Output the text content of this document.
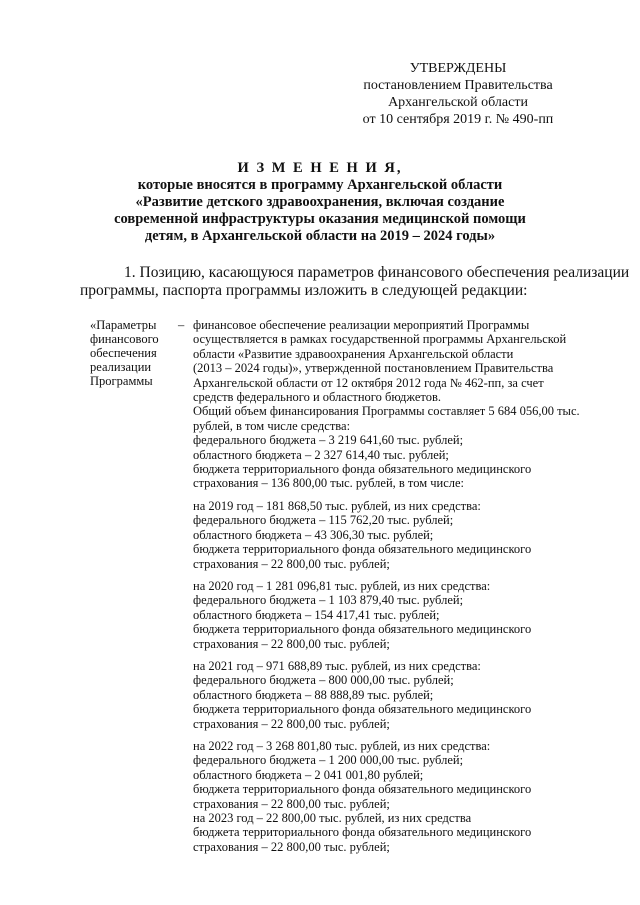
УТВЕРЖДЕНЫ
постановлением Правительства
Архангельской области
от 10 сентября 2019 г. № 490-пп
И З М Е Н Е Н И Я,
которые вносятся в программу Архангельской области
«Развитие детского здравоохранения, включая создание
современной инфраструктуры оказания медицинской помощи
детям, в Архангельской области на 2019 – 2024 годы»
1. Позицию, касающуюся параметров финансового обеспечения реализации
программы, паспорта программы изложить в следующей редакции:
«Параметры
финансового
обеспечения
реализации
Программы
– финансовое обеспечение реализации мероприятий Программы
осуществляется в рамках государственной программы Архангельской
области «Развитие здравоохранения Архангельской области
(2013 – 2024 годы)», утвержденной постановлением Правительства
Архангельской области от 12 октября 2012 года № 462-пп, за счет
средств федерального и областного бюджетов.
Общий объем финансирования Программы составляет 5 684 056,00 тыс.
рублей, в том числе средства:
федерального бюджета – 3 219 641,60 тыс. рублей;
областного бюджета – 2 327 614,40 тыс. рублей;
бюджета территориального фонда обязательного медицинского
страхования – 136 800,00 тыс. рублей, в том числе:
на 2019 год – 181 868,50 тыс. рублей, из них средства:
федерального бюджета – 115 762,20 тыс. рублей;
областного бюджета – 43 306,30 тыс. рублей;
бюджета территориального фонда обязательного медицинского
страхования – 22 800,00 тыс. рублей;
на 2020 год – 1 281 096,81 тыс. рублей, из них средства:
федерального бюджета – 1 103 879,40 тыс. рублей;
областного бюджета – 154 417,41 тыс. рублей;
бюджета территориального фонда обязательного медицинского
страхования – 22 800,00 тыс. рублей;
на 2021 год – 971 688,89 тыс. рублей, из них средства:
федерального бюджета – 800 000,00 тыс. рублей;
областного бюджета – 88 888,89 тыс. рублей;
бюджета территориального фонда обязательного медицинского
страхования – 22 800,00 тыс. рублей;
на 2022 год – 3 268 801,80 тыс. рублей, из них средства:
федерального бюджета – 1 200 000,00 тыс. рублей;
областного бюджета – 2 041 001,80 рублей;
бюджета территориального фонда обязательного медицинского
страхования – 22 800,00 тыс. рублей;
на 2023 год – 22 800,00 тыс. рублей, из них средства
бюджета территориального фонда обязательного медицинского
страхования – 22 800,00 тыс. рублей;
